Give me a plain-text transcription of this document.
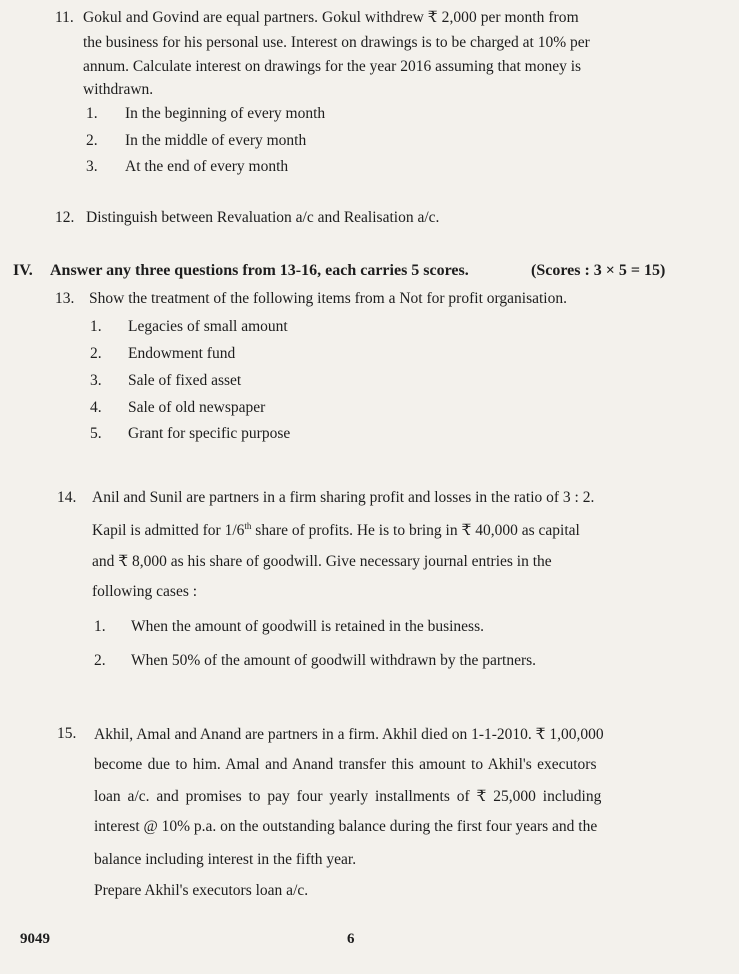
11. Gokul and Govind are equal partners. Gokul withdrew ₹ 2,000 per month from
the business for his personal use. Interest on drawings is to be charged at 10% per
annum. Calculate interest on drawings for the year 2016 assuming that money is
withdrawn.
1. In the beginning of every month
2. In the middle of every month
3. At the end of every month
12. Distinguish between Revaluation a/c and Realisation a/c.
IV. Answer any three questions from 13-16, each carries 5 scores.	(Scores : 3 × 5 = 15)
13. Show the treatment of the following items from a Not for profit organisation.
1. Legacies of small amount
2. Endowment fund
3. Sale of fixed asset
4. Sale of old newspaper
5. Grant for specific purpose
14. Anil and Sunil are partners in a firm sharing profit and losses in the ratio of 3 : 2.
Kapil is admitted for 1/6th share of profits. He is to bring in ₹ 40,000 as capital
and ₹ 8,000 as his share of goodwill. Give necessary journal entries in the
following cases :
1. When the amount of goodwill is retained in the business.
2. When 50% of the amount of goodwill withdrawn by the partners.
15. Akhil, Amal and Anand are partners in a firm. Akhil died on 1-1-2010. ₹ 1,00,000
become due to him. Amal and Anand transfer this amount to Akhil's executors
loan a/c. and promises to pay four yearly installments of ₹ 25,000 including
interest @ 10% p.a. on the outstanding balance during the first four years and the
balance including interest in the fifth year.
Prepare Akhil's executors loan a/c.
9049	6
